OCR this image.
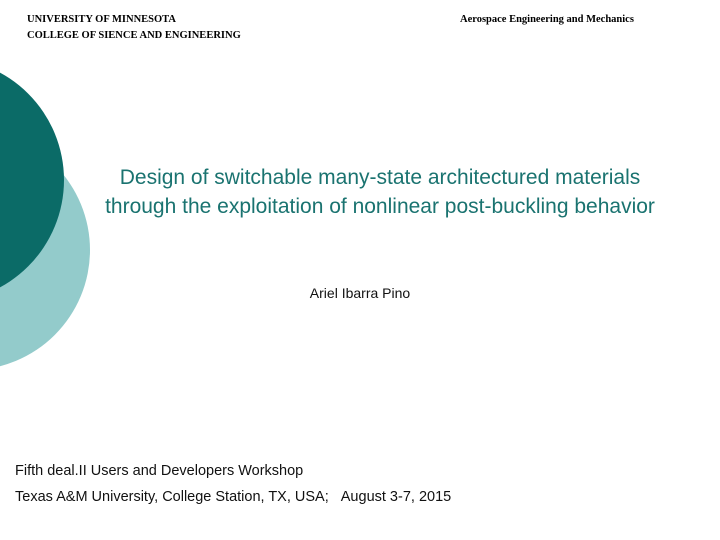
UNIVERSITY OF MINNESOTA
COLLEGE OF SIENCE AND ENGINEERING
Aerospace Engineering and Mechanics
Design of switchable many-state architectured materials
through the exploitation of nonlinear post-buckling behavior
Ariel Ibarra Pino
Fifth deal.II Users and Developers Workshop
Texas A&M University, College Station, TX, USA; August 3-7, 2015
